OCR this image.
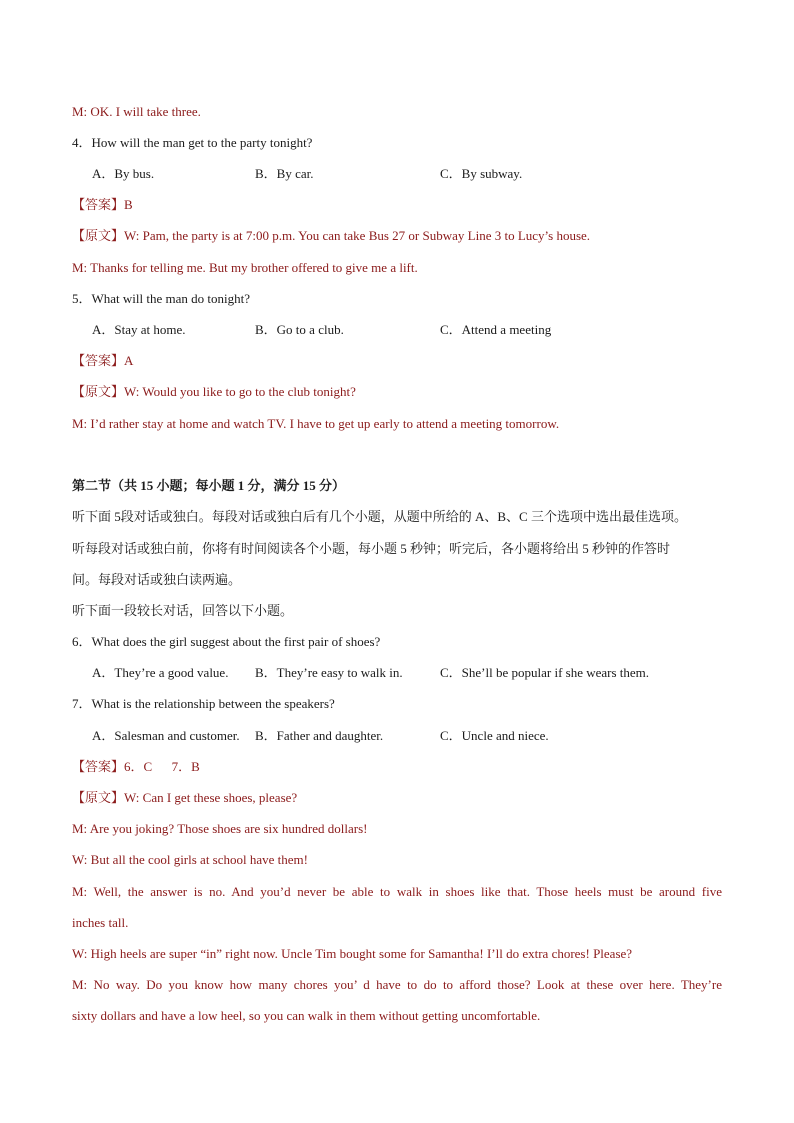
M: OK. I will take three.
4．How will the man get to the party tonight?
A．By bus.	B．By car.	C．By subway.
【答案】B
【原文】W: Pam, the party is at 7:00 p.m. You can take Bus 27 or Subway Line 3 to Lucy’s house.
M: Thanks for telling me. But my brother offered to give me a lift.
5．What will the man do tonight?
A．Stay at home.	B．Go to a club.	C．Attend a meeting
【答案】A
【原文】W: Would you like to go to the club tonight?
M: I’d rather stay at home and watch TV. I have to get up early to attend a meeting tomorrow.
第二节（共 15 小题；每小题 1 分，满分 15 分）
听下面 5段对话或独白。每段对话或独白后有几个小题，从题中所给的 A、B、C 三个选项中选出最佳选项。
听每段对话或独白前，你将有时间阅读各个小题，每小题 5 秒钟；听完后，各小题将给出 5 秒钟的作答时
间。每段对话或独白读两遍。
听下面一段较长对话，回答以下小题。
6．What does the girl suggest about the first pair of shoes?
A．They’re a good value. B．They’re easy to walk in.	C．She’ll be popular if she wears them.
7．What is the relationship between the speakers?
A．Salesman and customer. B．Father and daughter.	C．Uncle and niece.
【答案】6．C      7．B
【原文】W: Can I get these shoes, please?
M: Are you joking? Those shoes are six hundred dollars!
W: But all the cool girls at school have them!
M: Well, the answer is no. And you’d never be able to walk in shoes like that. Those heels must be around five
inches tall.
W: High heels are super “in” right now. Uncle Tim bought some for Samantha! I’ll do extra chores! Please?
M: No way. Do you know how many chores you’ d have to do to afford those? Look at these over here. They’re
sixty dollars and have a low heel, so you can walk in them without getting uncomfortable.
